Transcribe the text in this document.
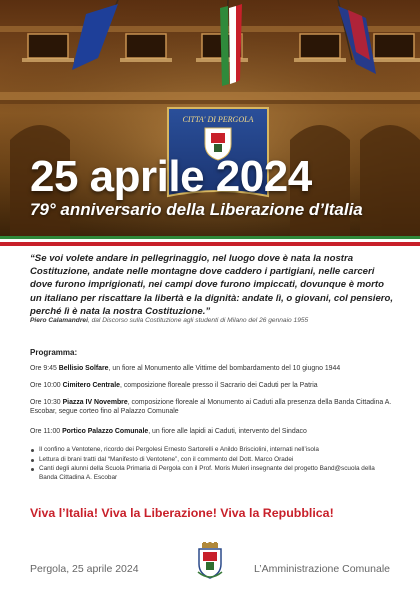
CITTA' DI PERGOLA
25 aprile 2024
79° anniversario della Liberazione d’Italia

“Se voi volete andare in pellegrinaggio, nel luogo dove è nata la nostra Costituzione, andate nelle montagne dove caddero i partigiani, nelle carceri dove furono imprigionati, nei campi dove furono impiccati, dovunque è morto un italiano per riscattare la libertà e la dignità: andate lì, o giovani, col pensiero, perché lì è nata la nostra Costituzione.”

Piero Calamandrei, dal Discorso sulla Costituzione agli studenti di Milano del 26 gennaio 1955

Programma:

Ore 9:45 Bellisio Solfare, un fiore al Monumento alle Vittime del bombardamento del 10 giugno 1944

Ore 10:00 Cimitero Centrale, composizione floreale presso il Sacrario dei Caduti per la Patria

Ore 10:30 Piazza IV Novembre, composizione floreale al Monumento ai Caduti alla presenza della Banda Cittadina A. Escobar, segue corteo fino al Palazzo Comunale

Ore 11:00 Portico Palazzo Comunale, un fiore alle lapidi ai Caduti, intervento del Sindaco

Il confino a Ventotene, ricordo dei Pergolesi Ernesto Sartorelli e Anildo Brisciolini, internati nell’isola
Lettura di brani tratti dal “Manifesto di Ventotene”, con il commento del Dott. Marco Oradei
Canti degli alunni della Scuola Primaria di Pergola con il Prof. Moris Muleri insegnante del progetto Band@scuola della Banda Cittadina A. Escobar

Viva l’Italia! Viva la Liberazione! Viva la Repubblica!

Pergola, 25 aprile 2024	L’Amministrazione Comunale
